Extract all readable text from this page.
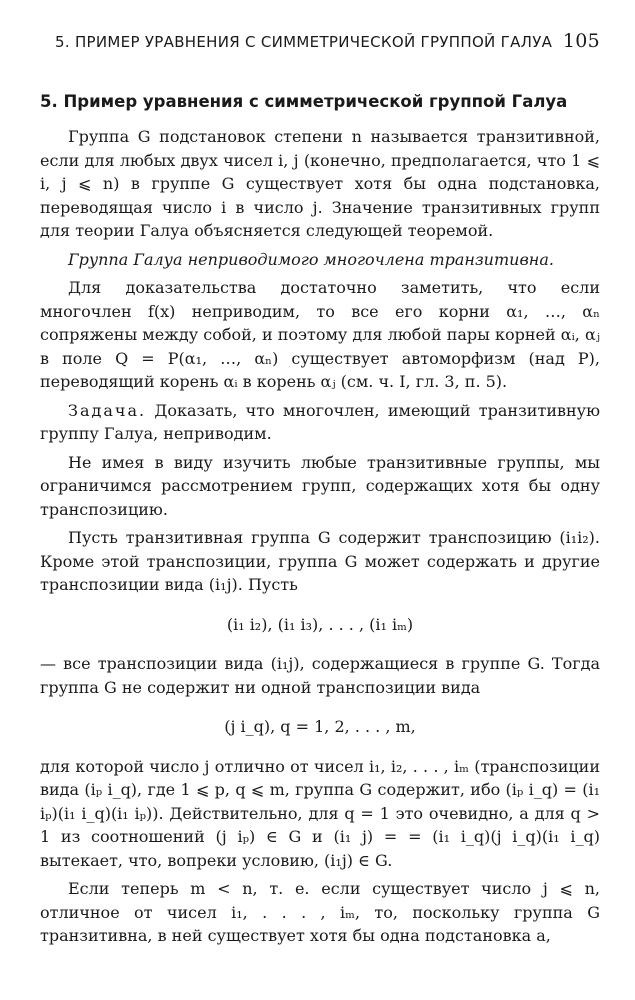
5. ПРИМЕР УРАВНЕНИЯ С СИММЕТРИЧЕСКОЙ ГРУППОЙ ГАЛУА 105
5. Пример уравнения с симметрической группой Галуа

Группа G подстановок степени n называется транзитивной, если для любых двух чисел i, j (конечно, предполагается, что 1 ⩽ i, j ⩽ n) в группе G существует хотя бы одна подстановка, переводящая число i в число j. Значение транзитивных групп для теории Галуа объясняется следующей теоремой.

Группа Галуа неприводимого многочлена транзитивна.

Для доказательства достаточно заметить, что если многочлен f(x) неприводим, то все его корни α₁, …, αₙ сопряжены между собой, и поэтому для любой пары корней αᵢ, αⱼ в поле Q = P(α₁, …, αₙ) существует автоморфизм (над P), переводящий корень αᵢ в корень αⱼ (см. ч. I, гл. 3, п. 5).

Задача. Доказать, что многочлен, имеющий транзитивную группу Галуа, неприводим.

Не имея в виду изучить любые транзитивные группы, мы ограничимся рассмотрением групп, содержащих хотя бы одну транспозицию.

Пусть транзитивная группа G содержит транспозицию (i₁i₂). Кроме этой транспозиции, группа G может содержать и другие транспозиции вида (i₁j). Пусть

(i₁ i₂), (i₁ i₃), . . . , (i₁ iₘ)

— все транспозиции вида (i₁j), содержащиеся в группе G. Тогда группа G не содержит ни одной транспозиции вида

(j i_q), q = 1, 2, . . . , m,

для которой число j отлично от чисел i₁, i₂, . . . , iₘ (транспозиции вида (iₚ i_q), где 1 ⩽ p, q ⩽ m, группа G содержит, ибо (iₚ i_q) = (i₁ iₚ)(i₁ i_q)(i₁ iₚ)). Действительно, для q = 1 это очевидно, а для q > 1 из соотношений (j iₚ) ∈ G и (i₁ j) = = (i₁ i_q)(j i_q)(i₁ i_q) вытекает, что, вопреки условию, (i₁j) ∈ G.

Если теперь m < n, т. е. если существует число j ⩽ n, отличное от чисел i₁, . . . , iₘ, то, поскольку группа G транзитивна, в ней существует хотя бы одна подстановка a,
